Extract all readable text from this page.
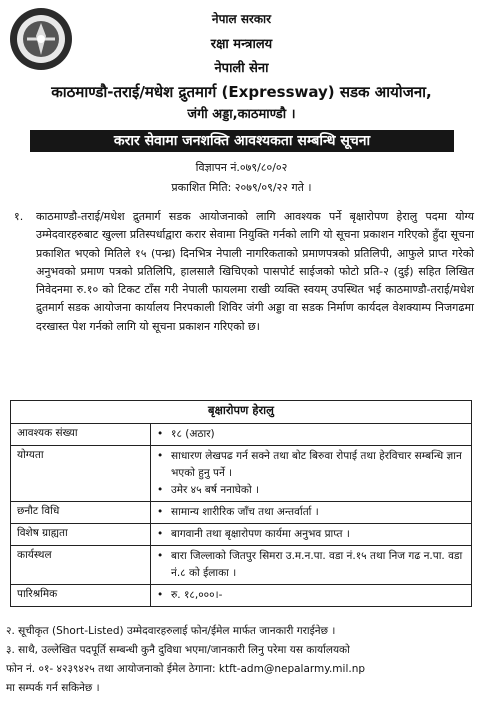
नेपाल सरकार
रक्षा मन्त्रालय
नेपाली सेना
काठमाण्डौ-तराई/मधेश द्रुतमार्ग (Expressway) सडक आयोजना,
जंगी अड्डा,काठमाण्डौ ।
करार सेवामा जनशक्ति आवश्यकता सम्बन्धि सूचना
विज्ञापन नं.०७९/८०/०२
प्रकाशित मिति: २०७९/०९/२२ गते ।
१. काठमाण्डौ-तराई/मधेश द्रुतमार्ग सडक आयोजनाको लागि आवश्यक पर्ने बृक्षारोपण हेरालु पदमा योग्य उम्मेदवारहरुबाट खुल्ला प्रतिस्पर्धाद्वारा करार सेवामा नियुक्ति गर्नको लागि यो सूचना प्रकाशन गरिएको हुँदा सूचना प्रकाशित भएको मितिले १५ (पन्ध्र) दिनभित्र नेपाली नागरिकताको प्रमाणपत्रको प्रतिलिपी, आफुले प्राप्त गरेको अनुभवको प्रमाण पत्रको प्रतिलिपि, हालसालै खिचिएको पासपोर्ट साईजको फोटो प्रति-२ (दुई) सहित लिखित निवेदनमा रु.१० को टिकट टाँस गरी नेपाली फायलमा राखी व्यक्ति स्वयम् उपस्थित भई काठमाण्डौ-तराई/मधेश द्रुतमार्ग सडक आयोजना कार्यालय निरपकाली शिविर जंगी अड्डा वा सडक निर्माण कार्यदल वेशक्याम्प निजगढमा दरखास्त पेश गर्नको लागि यो सूचना प्रकाशन गरिएको छ।
बृक्षारोपण हेरालु	
आवश्यक संख्या	• १८ (अठार)

योग्यता	• साधारण लेखपढ गर्न सक्ने तथा बोट बिरुवा रोपाई तथा हेरविचार सम्बन्धि ज्ञान भएको हुनु पर्ने ।
• उमेर ४५ बर्ष ननाघेको ।

छनौट विधि	• सामान्य शारीरिक जाँच तथा अन्तर्वार्ता ।

विशेष ग्राह्यता	• बागवानी तथा बृक्षारोपण कार्यमा अनुभव प्राप्त ।

कार्यस्थल	• बारा जिल्लाको जितपुर सिमरा उ.म.न.पा. वडा नं.१५ तथा निज गढ न.पा. वडा नं.८ को ईलाका ।

पारिश्रमिक	• रु. १८,०००।-
२. सूचीकृत (Short-Listed) उम्मेदवारहरुलाई फोन/ईमेल मार्फत जानकारी गराईनेछ ।
३. साथै, उल्लेखित पदपूर्ति सम्बन्धी कुनै दुविधा भएमा/जानकारी लिनु परेमा यस कार्यालयको
फोन नं. ०१- ४२३९४२५ तथा आयोजनाको ईमेल ठेगाना: ktft-adm@nepalarmy.mil.np
मा सम्पर्क गर्न सकिनेछ ।
